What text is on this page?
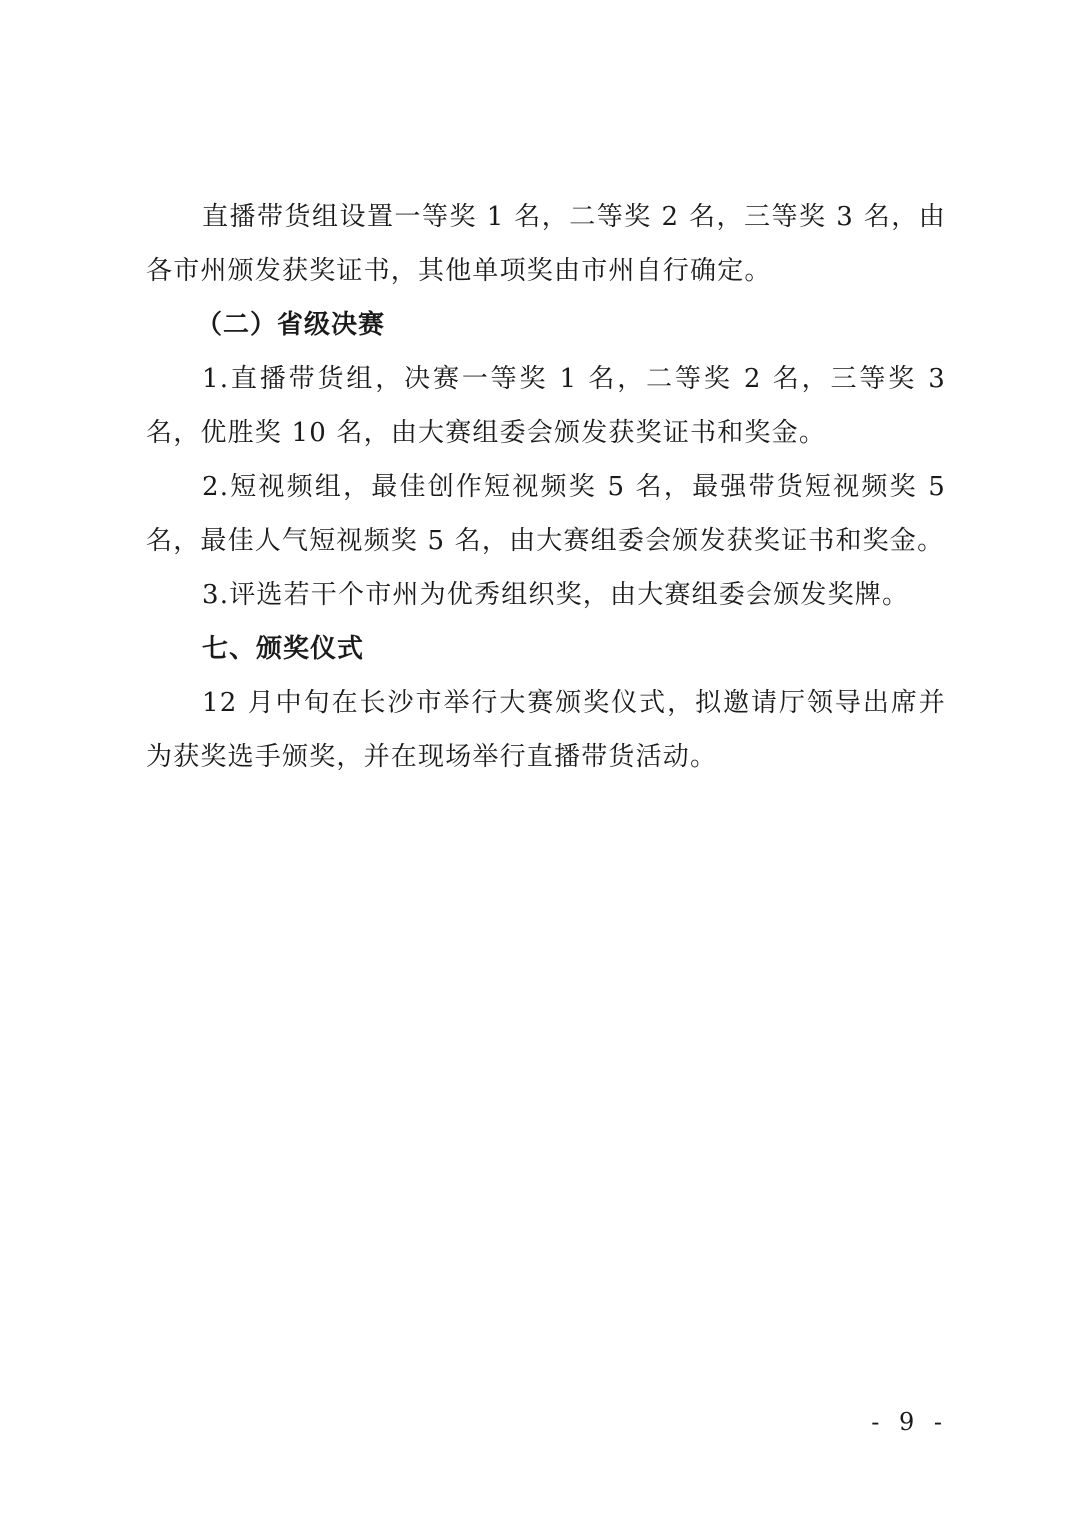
直播带货组设置一等奖 1 名，二等奖 2 名，三等奖 3 名，由各市州颁发获奖证书，其他单项奖由市州自行确定。

（二）省级决赛

1.直播带货组，决赛一等奖 1 名，二等奖 2 名，三等奖 3 名，优胜奖 10 名，由大赛组委会颁发获奖证书和奖金。

2.短视频组，最佳创作短视频奖 5 名，最强带货短视频奖 5 名，最佳人气短视频奖 5 名，由大赛组委会颁发获奖证书和奖金。

3.评选若干个市州为优秀组织奖，由大赛组委会颁发奖牌。

七、颁奖仪式

12 月中旬在长沙市举行大赛颁奖仪式，拟邀请厅领导出席并为获奖选手颁奖，并在现场举行直播带货活动。

- 9 -
